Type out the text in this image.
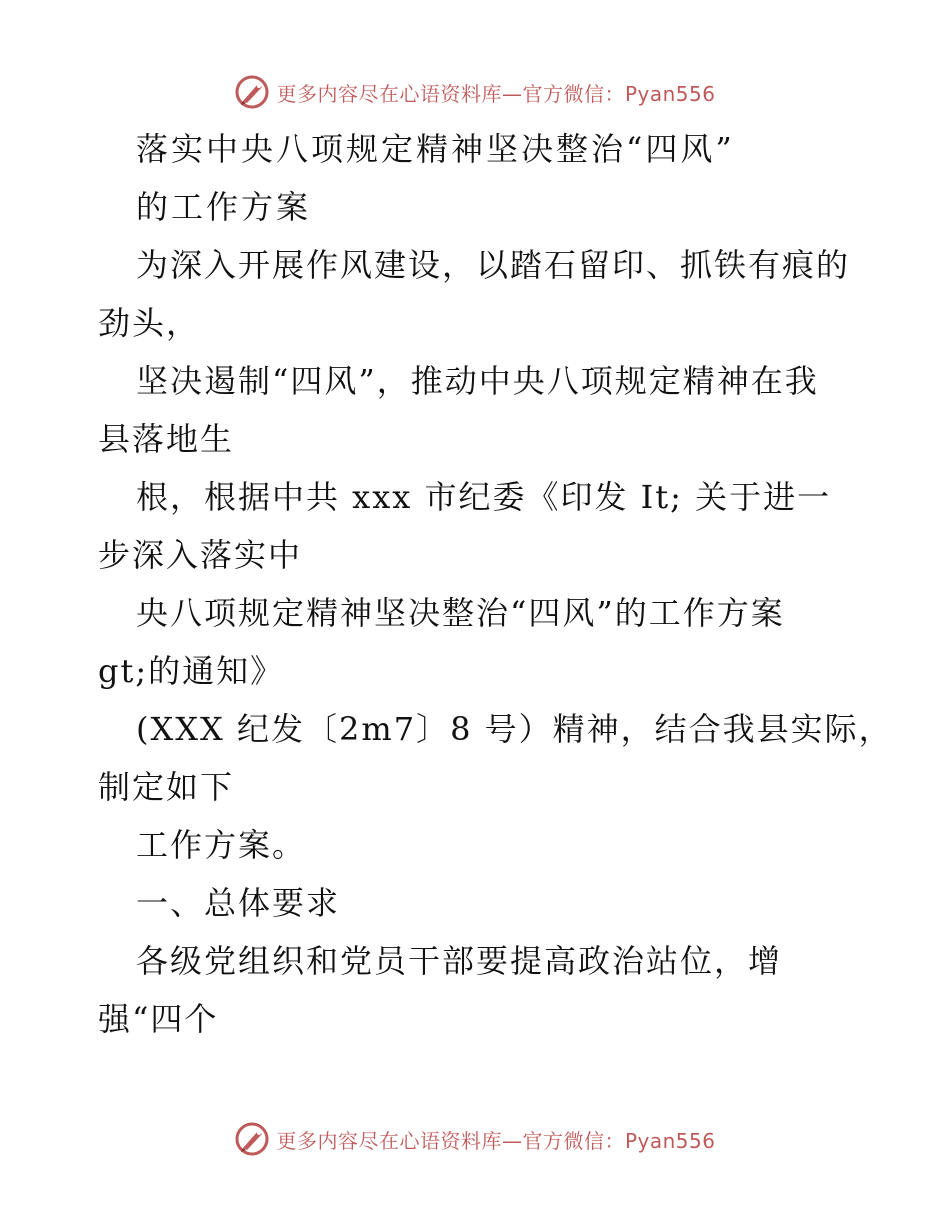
更多内容尽在心语资料库—官方微信：Pyan556
落实中央八项规定精神坚决整治“四风”
的工作方案
为深入开展作风建设，以踏石留印、抓铁有痕的
劲头，
坚决遏制“四风”，推动中央八项规定精神在我
县落地生
根，根据中共 xxx 市纪委《印发 It; 关于进一
步深入落实中
央八项规定精神坚决整治“四风”的工作方案
gt;的通知》
(XXX 纪发〔2m7〕8 号）精神，结合我县实际，
制定如下
工作方案。
一、总体要求
各级党组织和党员干部要提高政治站位，增
强“四个
更多内容尽在心语资料库—官方微信：Pyan556
